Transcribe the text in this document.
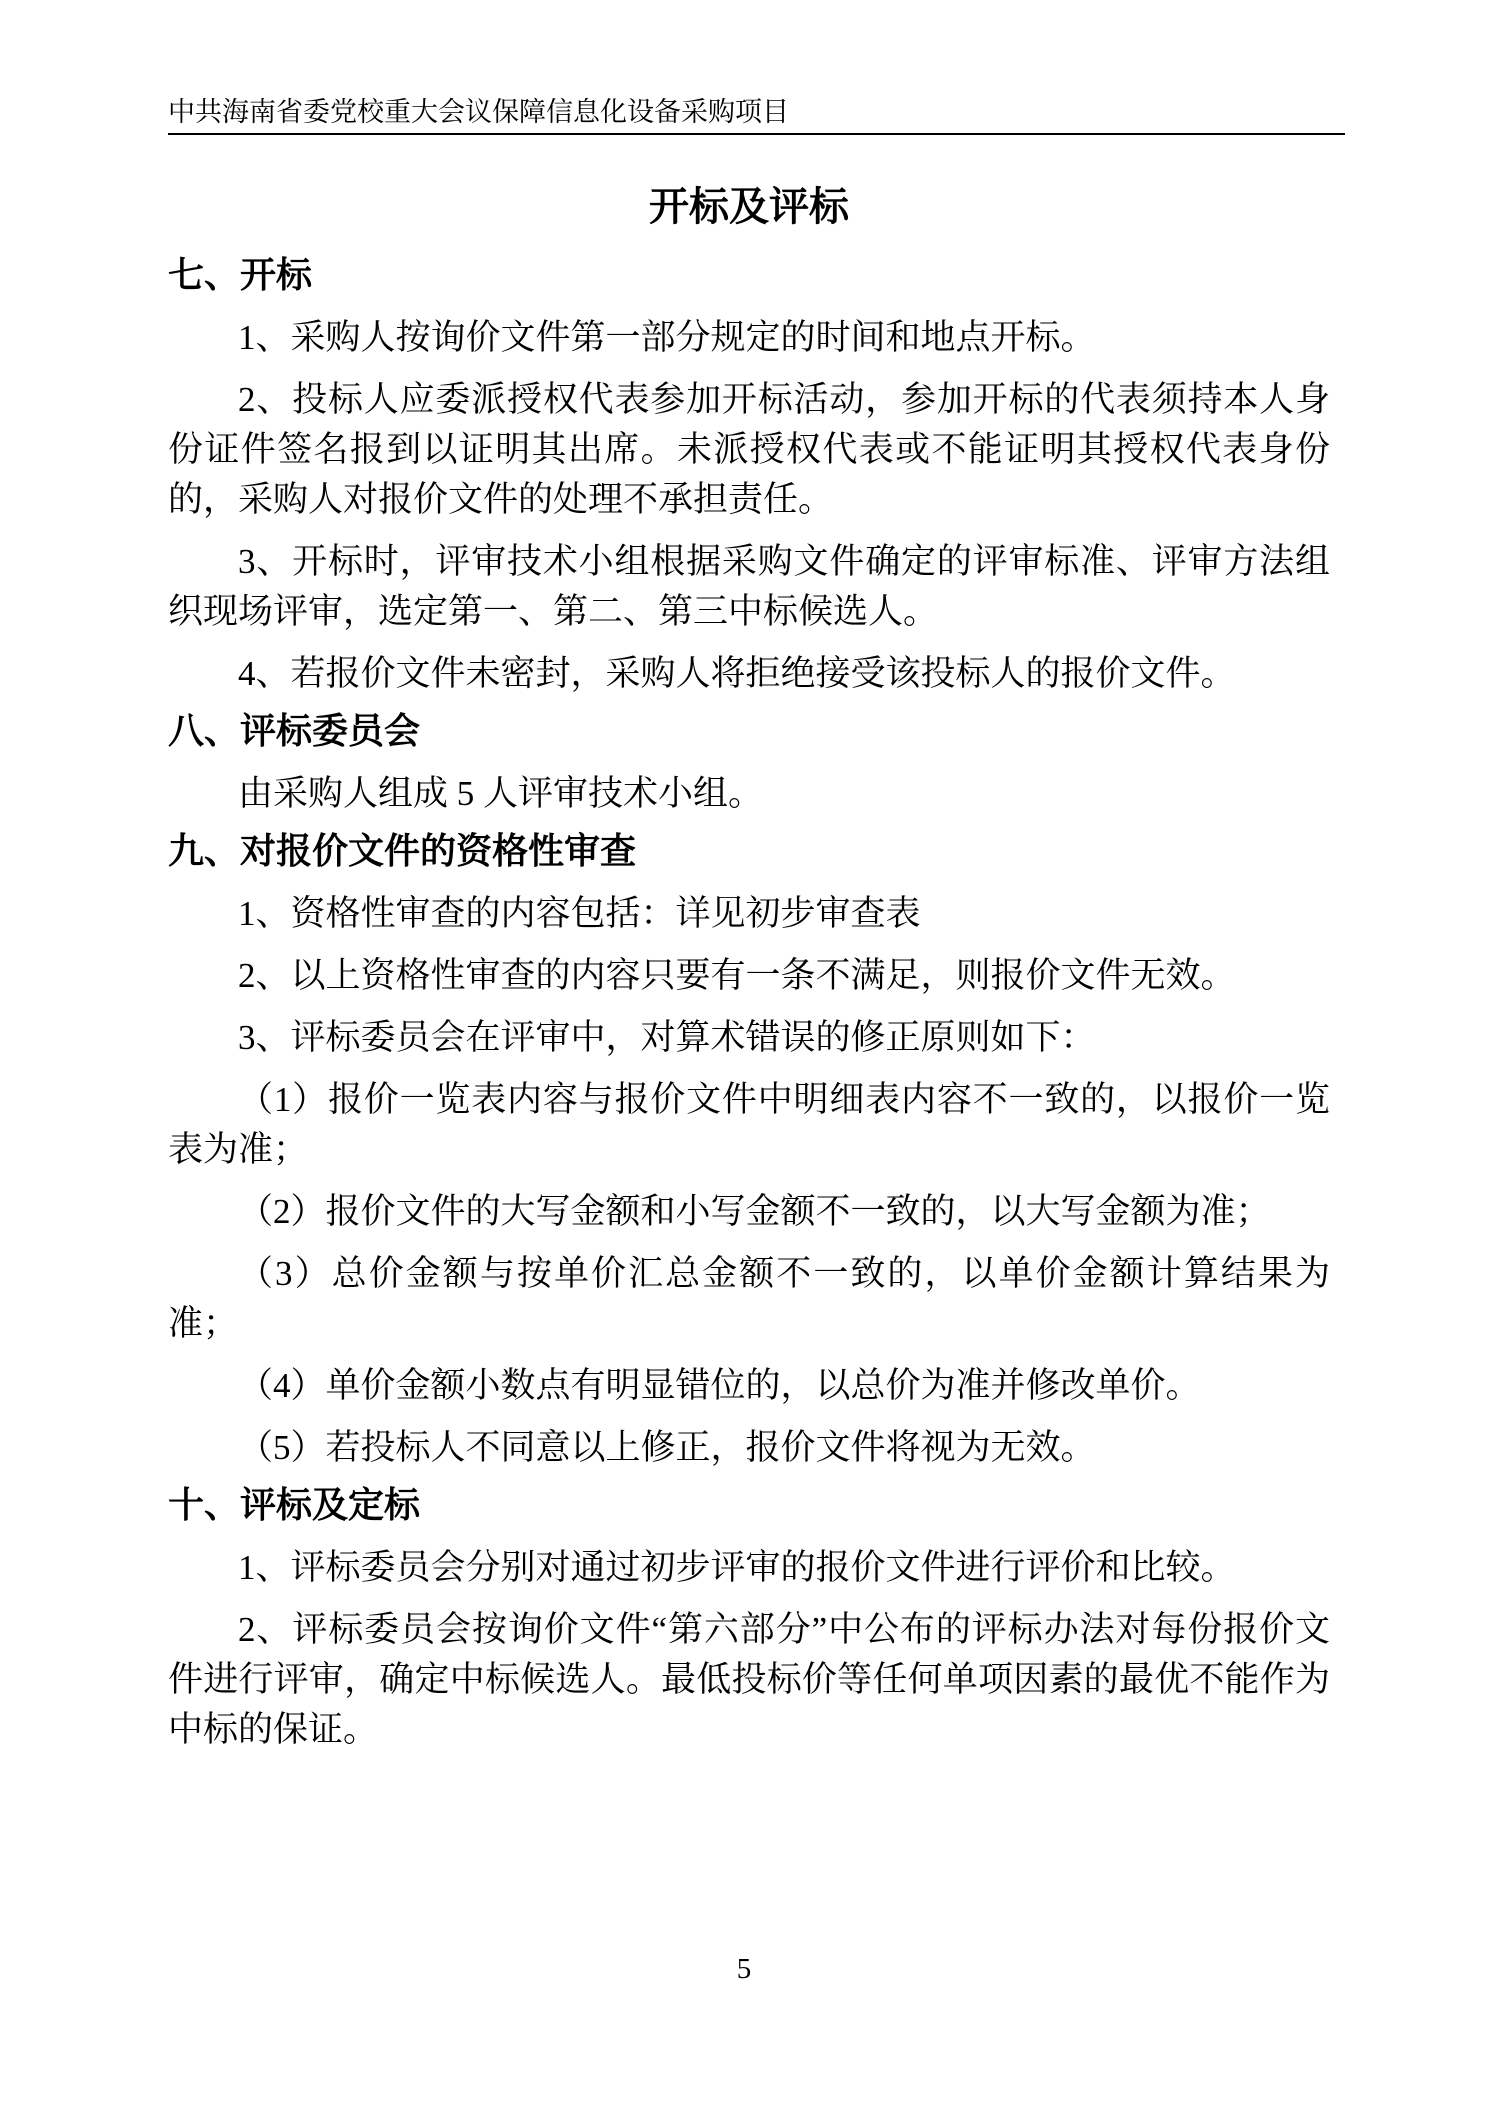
中共海南省委党校重大会议保障信息化设备采购项目
开标及评标
七、开标

1、采购人按询价文件第一部分规定的时间和地点开标。

2、投标人应委派授权代表参加开标活动，参加开标的代表须持本人身份证件签名报到以证明其出席。未派授权代表或不能证明其授权代表身份的，采购人对报价文件的处理不承担责任。

3、开标时，评审技术小组根据采购文件确定的评审标准、评审方法组织现场评审，选定第一、第二、第三中标候选人。

4、若报价文件未密封，采购人将拒绝接受该投标人的报价文件。

八、评标委员会

由采购人组成 5 人评审技术小组。

九、对报价文件的资格性审查

1、资格性审查的内容包括：详见初步审查表

2、以上资格性审查的内容只要有一条不满足，则报价文件无效。

3、评标委员会在评审中，对算术错误的修正原则如下：

（1）报价一览表内容与报价文件中明细表内容不一致的，以报价一览表为准；

（2）报价文件的大写金额和小写金额不一致的，以大写金额为准；

（3）总价金额与按单价汇总金额不一致的，以单价金额计算结果为准；

（4）单价金额小数点有明显错位的，以总价为准并修改单价。

（5）若投标人不同意以上修正，报价文件将视为无效。

十、评标及定标

1、评标委员会分别对通过初步评审的报价文件进行评价和比较。

2、评标委员会按询价文件“第六部分”中公布的评标办法对每份报价文件进行评审，确定中标候选人。最低投标价等任何单项因素的最优不能作为中标的保证。

5
